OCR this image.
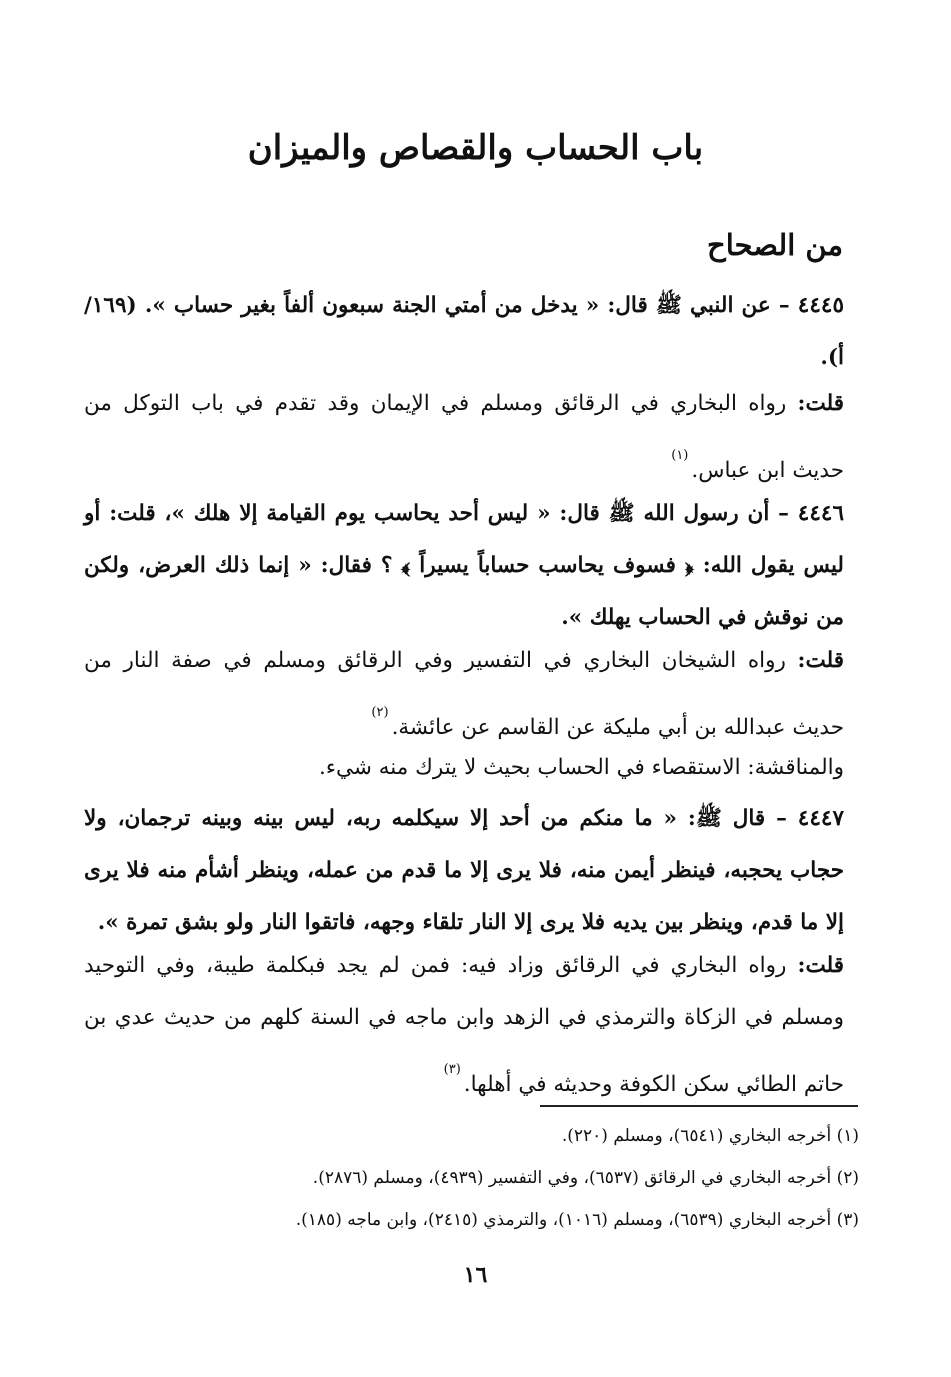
باب الحساب والقصاص والميزان
من الصحاح
٤٤٤٥ – عن النبي ﷺ قال: « يدخل من أمتي الجنة سبعون ألفاً بغير حساب ». (١٦٩/أ).
قلت: رواه البخاري في الرقائق ومسلم في الإيمان وقد تقدم في باب التوكل من حديث ابن عباس.$^{(١)}$
٤٤٤٦ – أن رسول الله ﷺ قال: « ليس أحد يحاسب يوم القيامة إلا هلك »، قلت: أو ليس يقول الله: ﴿ فسوف يحاسب حساباً يسيراً ﴾ ؟ فقال: « إنما ذلك العرض، ولكن من نوقش في الحساب يهلك ».
قلت: رواه الشيخان البخاري في التفسير وفي الرقائق ومسلم في صفة النار من حديث عبدالله بن أبي مليكة عن القاسم عن عائشة.$^{(٢)}$
والمناقشة: الاستقصاء في الحساب بحيث لا يترك منه شيء.
٤٤٤٧ – قال ﷺ: « ما منكم من أحد إلا سيكلمه ربه، ليس بينه وبينه ترجمان، ولا حجاب يحجبه، فينظر أيمن منه، فلا يرى إلا ما قدم من عمله، وينظر أشأم منه فلا يرى إلا ما قدم، وينظر بين يديه فلا يرى إلا النار تلقاء وجهه، فاتقوا النار ولو بشق تمرة ».
قلت: رواه البخاري في الرقائق وزاد فيه: فمن لم يجد فبكلمة طيبة، وفي التوحيد ومسلم في الزكاة والترمذي في الزهد وابن ماجه في السنة كلهم من حديث عدي بن حاتم الطائي سكن الكوفة وحديثه في أهلها.$^{(٣)}$
(١) أخرجه البخاري (٦٥٤١)، ومسلم (٢٢٠).
(٢) أخرجه البخاري في الرقائق (٦٥٣٧)، وفي التفسير (٤٩٣٩)، ومسلم (٢٨٧٦).
(٣) أخرجه البخاري (٦٥٣٩)، ومسلم (١٠١٦)، والترمذي (٢٤١٥)، وابن ماجه (١٨٥).
١٦
